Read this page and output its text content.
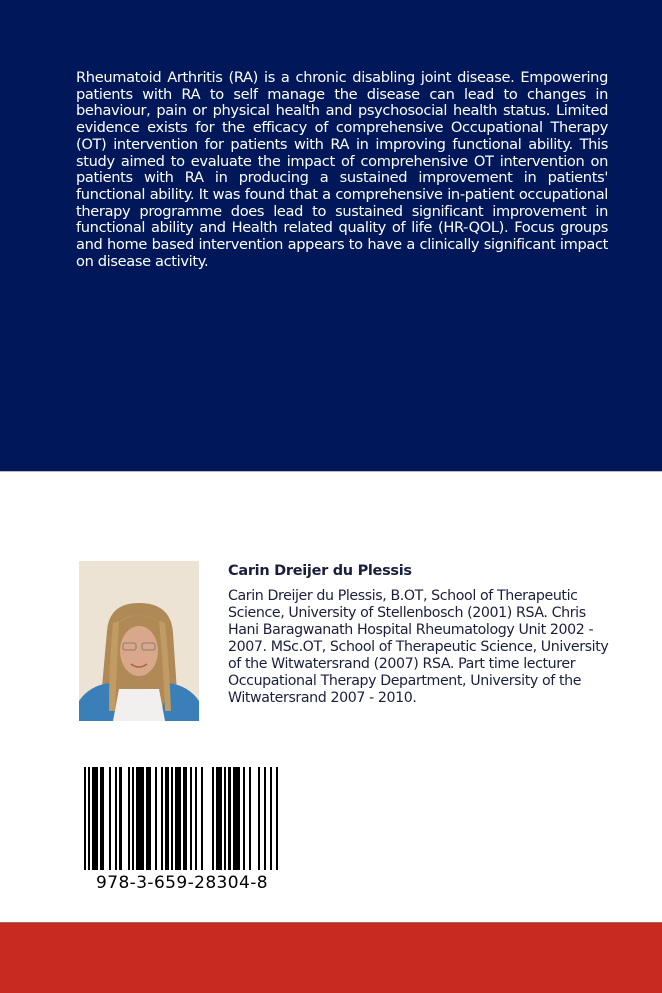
Rheumatoid Arthritis (RA) is a chronic disabling joint disease. Empowering patients with RA to self manage the disease can lead to changes in behaviour, pain or physical health and psychosocial health status. Limited evidence exists for the efficacy of comprehensive Occupational Therapy (OT) intervention for patients with RA in improving functional ability. This study aimed to evaluate the impact of comprehensive OT intervention on patients with RA in producing a sustained improvement in patients' functional ability. It was found that a comprehensive in-patient occupational therapy programme does lead to sustained significant improvement in functional ability and Health related quality of life (HR-QOL). Focus groups and home based intervention appears to have a clinically significant impact on disease activity.

Carin Dreijer du Plessis

Carin Dreijer du Plessis, B.OT, School of Therapeutic Science, University of Stellenbosch (2001) RSA. Chris Hani Baragwanath Hospital Rheumatology Unit 2002 - 2007. MSc.OT, School of Therapeutic Science, University of the Witwatersrand (2007) RSA. Part time lecturer Occupational Therapy Department, University of the Witwatersrand 2007 - 2010.

978-3-659-28304-8
